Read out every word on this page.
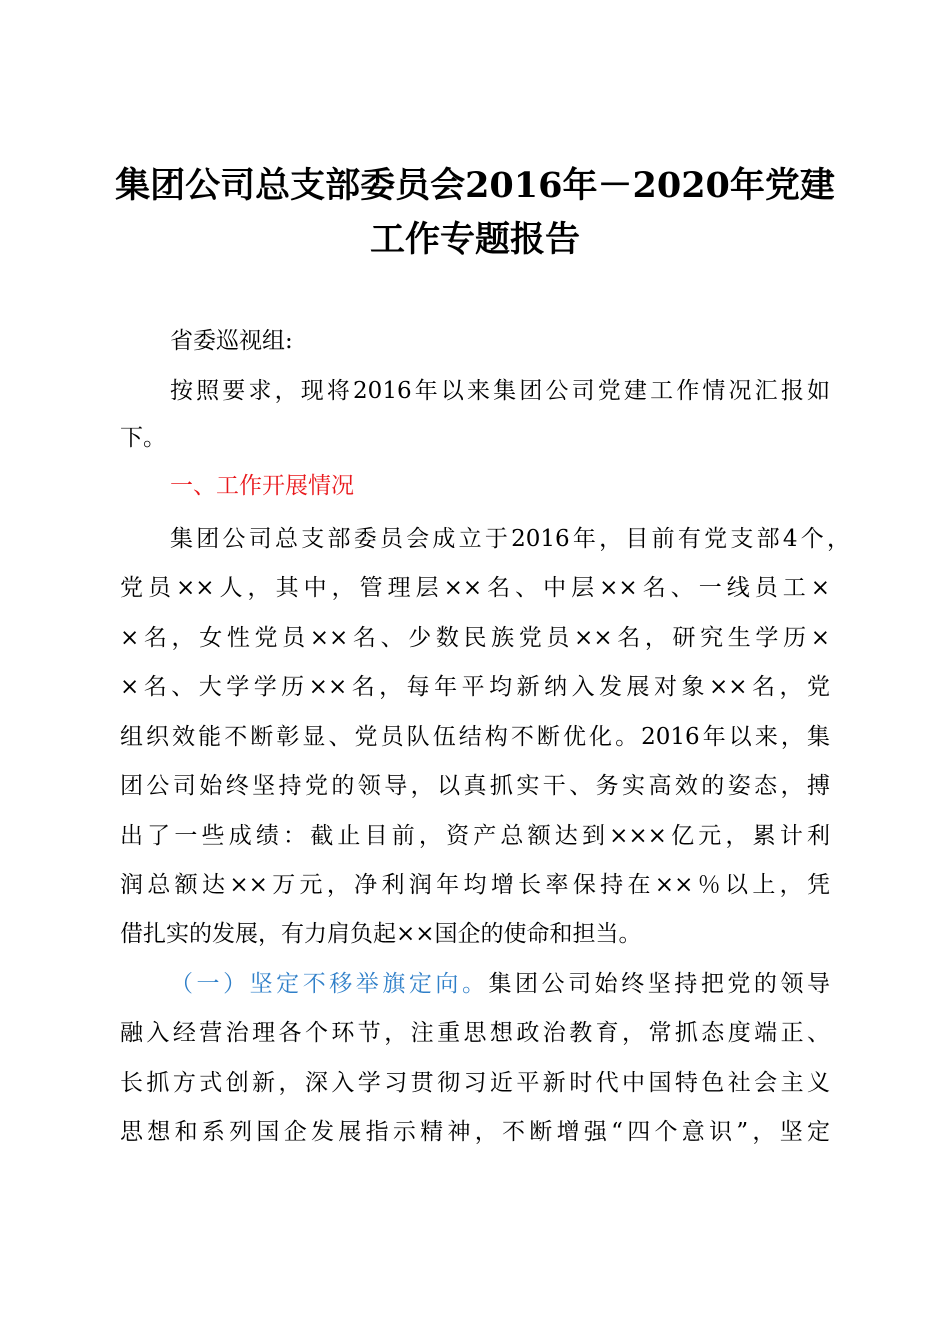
集团公司总支部委员会2016年－2020年党建
工作专题报告
省委巡视组:
按照要求，现将2016年以来集团公司党建工作情况汇报如
下。
一、工作开展情况
集团公司总支部委员会成立于2016年，目前有党支部4个，
党员××人，其中，管理层××名、中层××名、一线员工×
×名，女性党员××名、少数民族党员××名，研究生学历×
×名、大学学历××名，每年平均新纳入发展对象××名，党
组织效能不断彰显、党员队伍结构不断优化。2016年以来，集
团公司始终坚持党的领导，以真抓实干、务实高效的姿态，搏
出了一些成绩：截止目前，资产总额达到×××亿元，累计利
润总额达××万元，净利润年均增长率保持在××％以上，凭
借扎实的发展，有力肩负起××国企的使命和担当。
（一）坚定不移举旗定向。集团公司始终坚持把党的领导
融入经营治理各个环节，注重思想政治教育，常抓态度端正、
长抓方式创新，深入学习贯彻习近平新时代中国特色社会主义
思想和系列国企发展指示精神，不断增强“四个意识”，坚定
